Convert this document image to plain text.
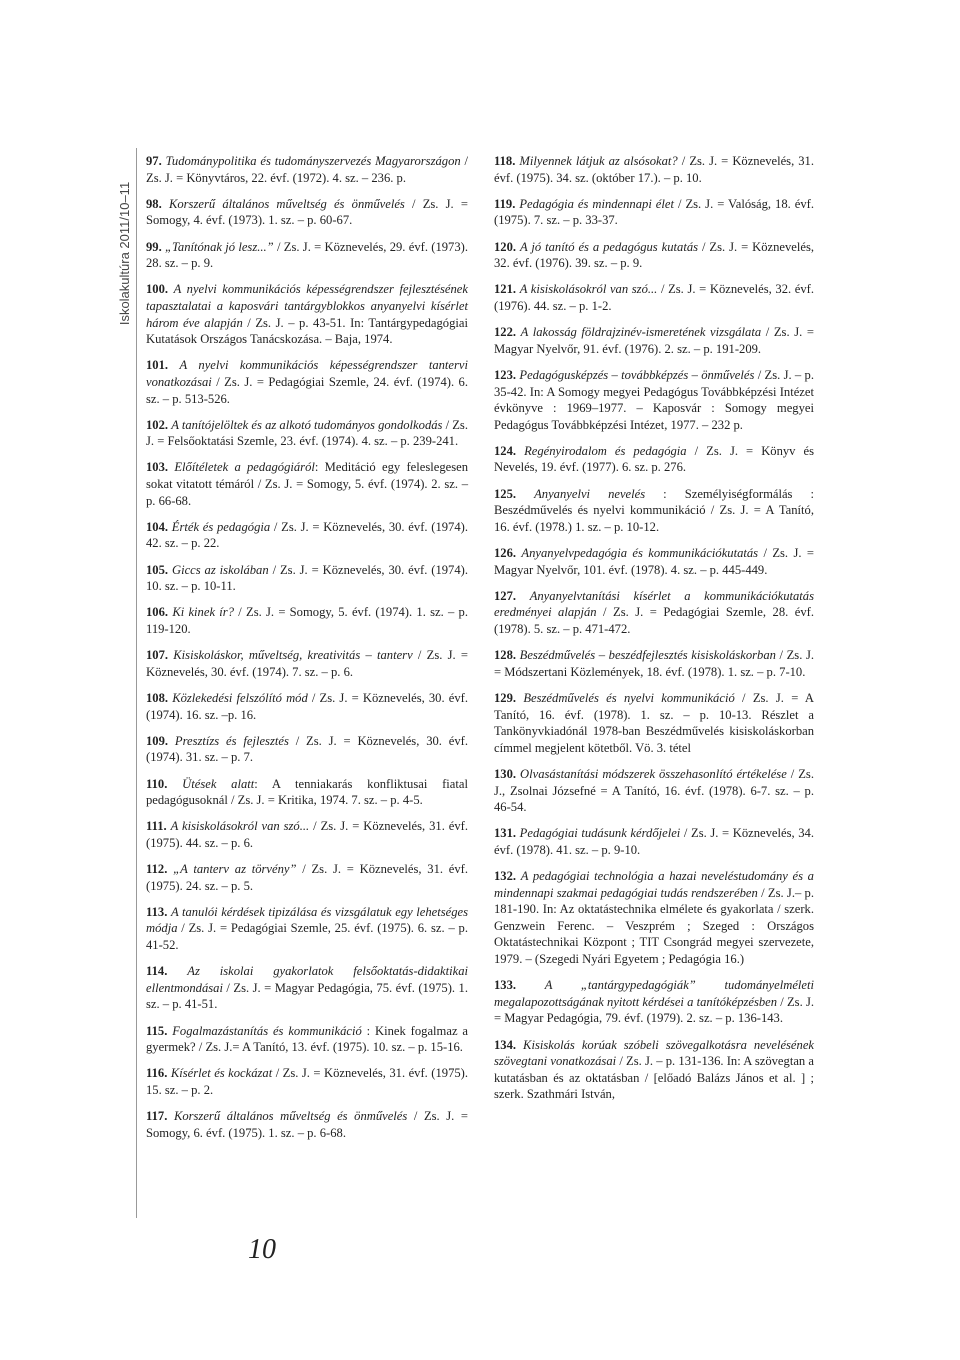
Iskolakultúra 2011/10–11

97. Tudománypolitika és tudományszervezés Magyarországon / Zs. J. = Könyvtáros, 22. évf. (1972). 4. sz. – 236. p.

98. Korszerű általános műveltség és önművelés / Zs. J. = Somogy, 4. évf. (1973). 1. sz. – p. 60-67.

99. „Tanítónak jó lesz...” / Zs. J. = Köznevelés, 29. évf. (1973). 28. sz. – p. 9.

100. A nyelvi kommunikációs képességrendszer fejlesztésének tapasztalatai a kaposvári tantárgyblokkos anyanyelvi kísérlet három éve alapján / Zs. J. – p. 43-51. In: Tantárgypedagógiai Kutatások Országos Tanácskozása. – Baja, 1974.

101. A nyelvi kommunikációs képességrendszer tantervi vonatkozásai / Zs. J. = Pedagógiai Szemle, 24. évf. (1974). 6. sz. – p. 513-526.

102. A tanítójelöltek és az alkotó tudományos gondolkodás / Zs. J. = Felsőoktatási Szemle, 23. évf. (1974). 4. sz. – p. 239-241.

103. Előítéletek a pedagógiáról: Meditáció egy feleslegesen sokat vitatott témáról / Zs. J. = Somogy, 5. évf. (1974). 2. sz. – p. 66-68.

104. Érték és pedagógia / Zs. J. = Köznevelés, 30. évf. (1974). 42. sz. – p. 22.

105. Giccs az iskolában / Zs. J. = Köznevelés, 30. évf. (1974). 10. sz. – p. 10-11.

106. Ki kinek ír? / Zs. J. = Somogy, 5. évf. (1974). 1. sz. – p. 119-120.

107. Kisiskoláskor, műveltség, kreativitás – tanterv / Zs. J. = Köznevelés, 30. évf. (1974). 7. sz. – p. 6.

108. Közlekedési felszólító mód / Zs. J. = Köznevelés, 30. évf. (1974). 16. sz. –p. 16.

109. Presztízs és fejlesztés / Zs. J. = Köznevelés, 30. évf. (1974). 31. sz. – p. 7.

110. Ütések alatt: A tenniakarás konfliktusai fiatal pedagógusoknál / Zs. J. = Kritika, 1974. 7. sz. – p. 4-5.

111. A kisiskolásokról van szó... / Zs. J. = Köznevelés, 31. évf. (1975). 44. sz. – p. 6.

112. „A tanterv az törvény” / Zs. J. = Köznevelés, 31. évf. (1975). 24. sz. – p. 5.

113. A tanulói kérdések tipizálása és vizsgálatuk egy lehetséges módja / Zs. J. = Pedagógiai Szemle, 25. évf. (1975). 6. sz. – p. 41-52.

114. Az iskolai gyakorlatok felsőoktatás-didaktikai ellentmondásai / Zs. J. = Magyar Pedagógia, 75. évf. (1975). 1. sz. – p. 41-51.

115. Fogalmazástanítás és kommunikáció : Kinek fogalmaz a gyermek? / Zs. J.= A Tanító, 13. évf. (1975). 10. sz. – p. 15-16.

116. Kísérlet és kockázat / Zs. J. = Köznevelés, 31. évf. (1975). 15. sz. – p. 2.

117. Korszerű általános műveltség és önművelés / Zs. J. = Somogy, 6. évf. (1975). 1. sz. – p. 6-68.

118. Milyennek látjuk az alsósokat? / Zs. J. = Köznevelés, 31. évf. (1975). 34. sz. (október 17.). – p. 10.

119. Pedagógia és mindennapi élet / Zs. J. = Valóság, 18. évf. (1975). 7. sz. – p. 33-37.

120. A jó tanító és a pedagógus kutatás / Zs. J. = Köznevelés, 32. évf. (1976). 39. sz. – p. 9.

121. A kisiskolásokról van szó... / Zs. J. = Köznevelés, 32. évf. (1976). 44. sz. – p. 1-2.

122. A lakosság földrajzinév-ismeretének vizsgálata / Zs. J. = Magyar Nyelvőr, 91. évf. (1976). 2. sz. – p. 191-209.

123. Pedagógusképzés – továbbképzés – önművelés / Zs. J. – p. 35-42. In: A Somogy megyei Pedagógus Továbbképzési Intézet évkönyve : 1969–1977. – Kaposvár : Somogy megyei Pedagógus Továbbképzési Intézet, 1977. – 232 p.

124. Regényirodalom és pedagógia / Zs. J. = Könyv és Nevelés, 19. évf. (1977). 6. sz. p. 276.

125. Anyanyelvi nevelés : Személyiségformálás : Beszédművelés és nyelvi kommunikáció / Zs. J. = A Tanító, 16. évf. (1978.) 1. sz. – p. 10-12.

126. Anyanyelvpedagógia és kommunikációkutatás / Zs. J. = Magyar Nyelvőr, 101. évf. (1978). 4. sz. – p. 445-449.

127. Anyanyelvtanítási kísérlet a kommunikációkutatás eredményei alapján / Zs. J. = Pedagógiai Szemle, 28. évf. (1978). 5. sz. – p. 471-472.

128. Beszédművelés – beszédfejlesztés kisiskoláskorban / Zs. J. = Módszertani Közlemények, 18. évf. (1978). 1. sz. – p. 7-10.

129. Beszédművelés és nyelvi kommunikáció / Zs. J. = A Tanító, 16. évf. (1978). 1. sz. – p. 10-13. Részlet a Tankönyvkiadónál 1978-ban Beszédművelés kisiskoláskorban címmel megjelent kötetből. Vö. 3. tétel

130. Olvasástanítási módszerek összehasonlító értékelése / Zs. J., Zsolnai Józsefné = A Tanító, 16. évf. (1978). 6-7. sz. – p. 46-54.

131. Pedagógiai tudásunk kérdőjelei / Zs. J. = Köznevelés, 34. évf. (1978). 41. sz. – p. 9-10.

132. A pedagógiai technológia a hazai neveléstudomány és a mindennapi szakmai pedagógiai tudás rendszerében / Zs. J.– p. 181-190. In: Az oktatástechnika elmélete és gyakorlata / szerk. Genzwein Ferenc. – Veszprém ; Szeged : Országos Oktatástechnikai Központ ; TIT Csongrád megyei szervezete, 1979. – (Szegedi Nyári Egyetem ; Pedagógia 16.)

133. A „tantárgypedagógiák” tudományelméleti megalapozottságának nyitott kérdései a tanítóképzésben / Zs. J. = Magyar Pedagógia, 79. évf. (1979). 2. sz. – p. 136-143.

134. Kisiskolás korúak szóbeli szövegalkotásra nevelésének szövegtani vonatkozásai / Zs. J. – p. 131-136. In: A szövegtan a kutatásban és az oktatásban / [előadó Balázs János et al. ] ; szerk. Szathmári István,

10
